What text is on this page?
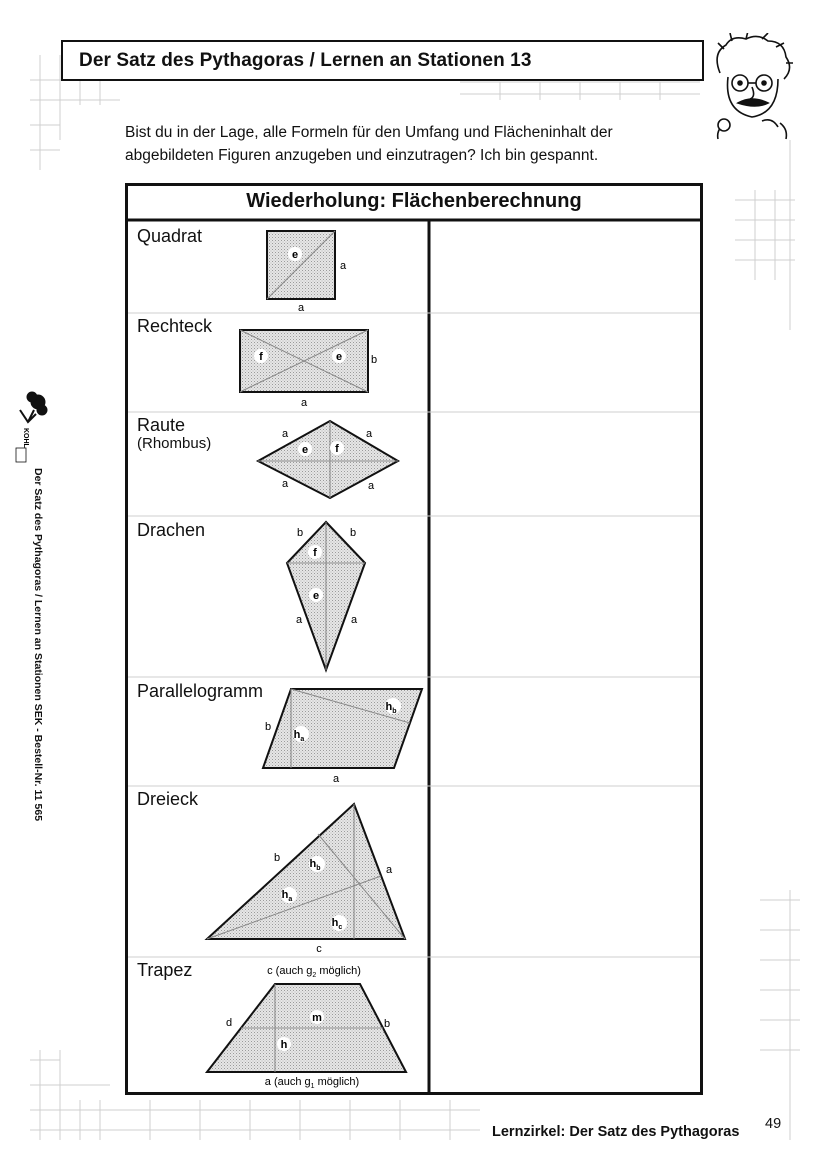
Der Satz des Pythagoras / Lernen an Stationen 13
Bist du in der Lage, alle Formeln für den Umfang und Flächeninhalt der
abgebildeten Figuren anzugeben und einzutragen? Ich bin gespannt.
KOHL
Der Satz des Pythagoras / Lernen an Stationen SEK - Bestell-Nr. 11 565
e
a
a
f	e	b
a
e f
a	a
a	a
f
e
b	b
a	a
$h_b$
$h_a$
b
a
$h_b$
$h_a$
$h_c$
b
a
c
m
h
d	b
c (auch $g_2$ möglich)
a (auch $g_1$ möglich)
Wiederholung: Flächenberechnung
Quadrat
Rechteck
Raute
(Rhombus)
Drachen
Parallelogramm
Dreieck
Trapez
Lernzirkel: Der Satz des Pythagoras 49
